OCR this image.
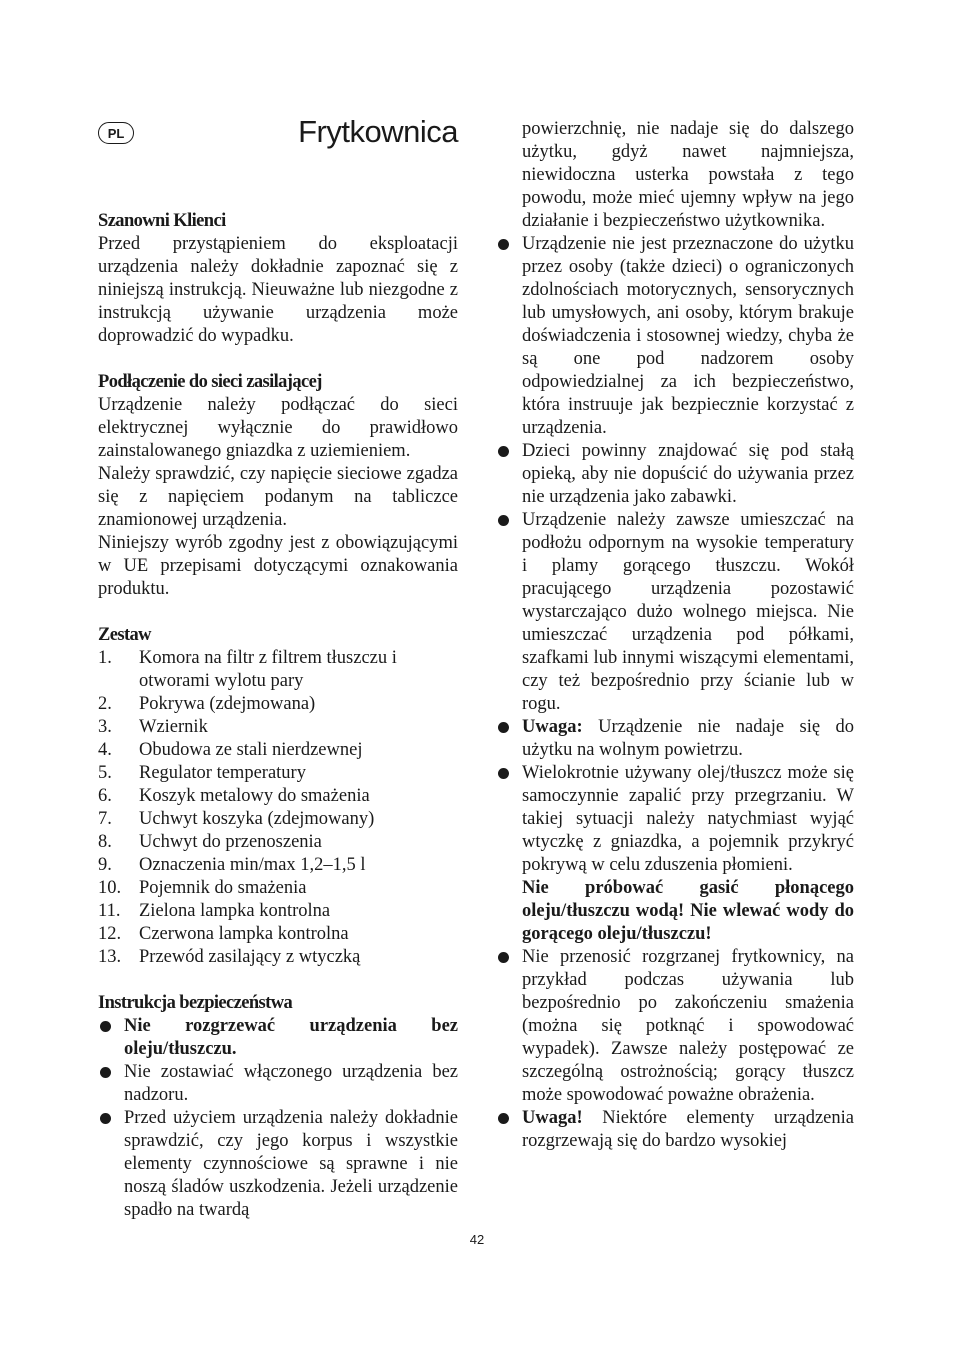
PL	Frytkownica
Szanowni Klienci

Przed przystąpieniem do eksploatacji urządzenia należy dokładnie zapoznać się z niniejszą instrukcją. Nieuważne lub niezgodne z instrukcją używanie urządzenia może doprowadzić do wypadku.

Podłączenie do sieci zasilającej

Urządzenie należy podłączać do sieci elektrycznej wyłącznie do prawidłowo zainstalowanego gniazdka z uziemieniem.

Należy sprawdzić, czy napięcie sieciowe zgadza się z napięciem podanym na tabliczce znamionowej urządzenia.

Niniejszy wyrób zgodny jest z obowiązującymi w UE przepisami dotyczącymi oznakowania produktu.

Zestaw
1. Komora na filtr z filtrem tłuszczu i otworami wylotu pary
2. Pokrywa (zdejmowana)
3. Wziernik
4. Obudowa ze stali nierdzewnej
5. Regulator temperatury
6. Koszyk metalowy do smażenia
7. Uchwyt koszyka (zdejmowany)
8. Uchwyt do przenoszenia
9. Oznaczenia min/max 1,2–1,5 l
10. Pojemnik do smażenia
11. Zielona lampka kontrolna
12. Czerwona lampka kontrolna
13. Przewód zasilający z wtyczką
Instrukcja bezpieczeństwa
Nie rozgrzewać urządzenia bez oleju/tłuszczu.
Nie zostawiać włączonego urządzenia bez nadzoru.
Przed użyciem urządzenia należy dokładnie sprawdzić, czy jego korpus i wszystkie elementy czynnościowe są sprawne i nie noszą śladów uszkodzenia. Jeżeli urządzenie spadło na twardą
powierzchnię, nie nadaje się do dalszego użytku, gdyż nawet najmniejsza, niewidoczna usterka powstała z tego powodu, może mieć ujemny wpływ na jego działanie i bezpieczeństwo użytkownika.
Urządzenie nie jest przeznaczone do użytku przez osoby (także dzieci) o ograniczonych zdolnościach motorycznych, sensorycznych lub umysłowych, ani osoby, którym brakuje doświadczenia i stosownej wiedzy, chyba że są one pod nadzorem osoby odpowiedzialnej za ich bezpieczeństwo, która instruuje jak bezpiecznie korzystać z urządzenia.
Dzieci powinny znajdować się pod stałą opieką, aby nie dopuścić do używania przez nie urządzenia jako zabawki.
Urządzenie należy zawsze umieszczać na podłożu odpornym na wysokie temperatury i plamy gorącego tłuszczu. Wokół pracującego urządzenia pozostawić wystarczająco dużo wolnego miejsca. Nie umieszczać urządzenia pod półkami, szafkami lub innymi wiszącymi elementami, czy też bezpośrednio przy ścianie lub w rogu.
Uwaga: Urządzenie nie nadaje się do użytku na wolnym powietrzu.
Wielokrotnie używany olej/tłuszcz może się samoczynnie zapalić przy przegrzaniu. W takiej sytuacji należy natychmiast wyjąć wtyczkę z gniazdka, a pojemnik przykryć pokrywą w celu zduszenia płomieni.
Nie próbować gasić płonącego oleju/tłuszczu wodą! Nie wlewać wody do gorącego oleju/tłuszczu!
Nie przenosić rozgrzanej frytkownicy, na przykład podczas używania lub bezpośrednio po zakończeniu smażenia (można się potknąć i spowodować wypadek). Zawsze należy postępować ze szczególną ostrożnością; gorący tłuszcz może spowodować poważne obrażenia.
Uwaga! Niektóre elementy urządzenia rozgrzewają się do bardzo wysokiej
42
